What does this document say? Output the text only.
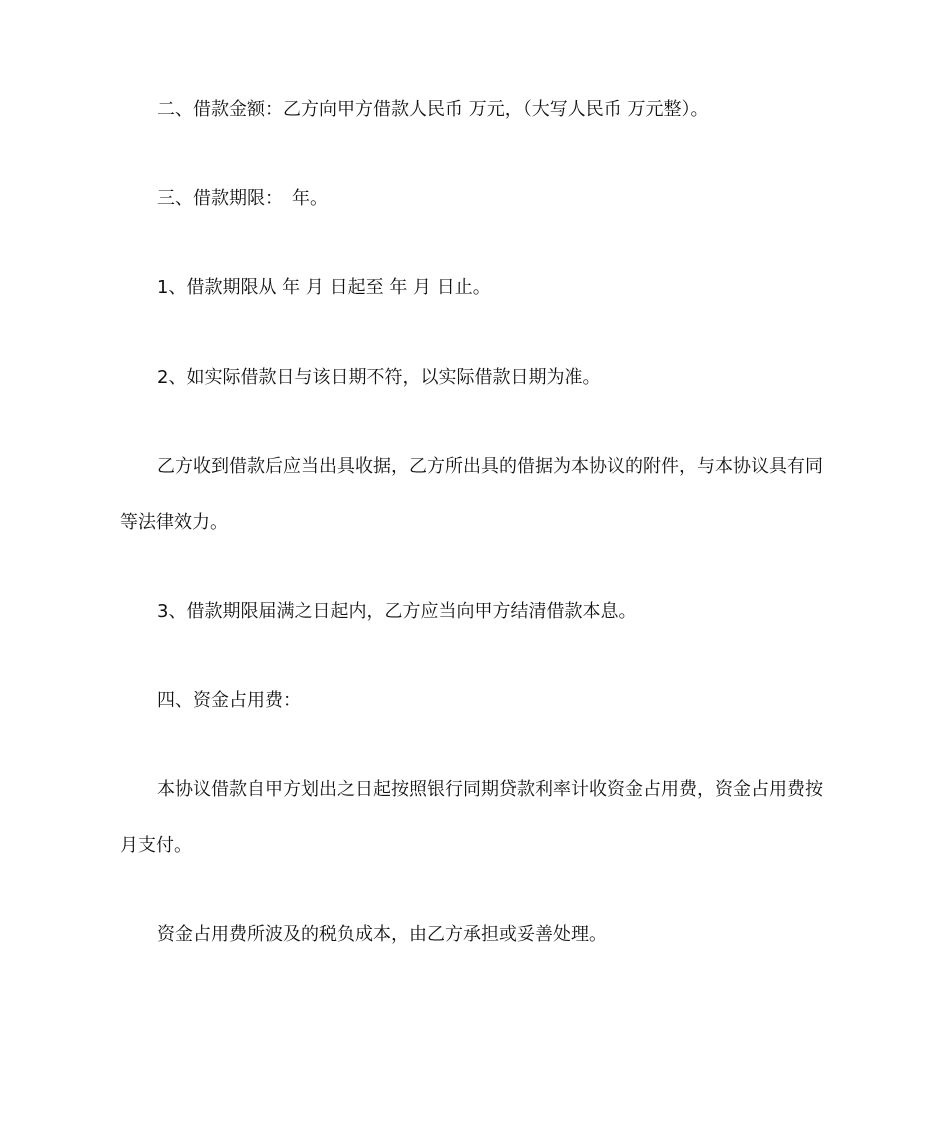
二、借款金额：乙方向甲方借款人民币 万元，（大写人民币 万元整）。

三、借款期限：　年。

1、借款期限从 年 月 日起至 年 月 日止。

2、如实际借款日与该日期不符，以实际借款日期为准。

乙方收到借款后应当出具收据，乙方所出具的借据为本协议的附件，与本协议具有同等法律效力。

3、借款期限届满之日起内，乙方应当向甲方结清借款本息。

四、资金占用费：

本协议借款自甲方划出之日起按照银行同期贷款利率计收资金占用费，资金占用费按月支付。

资金占用费所波及的税负成本，由乙方承担或妥善处理。
